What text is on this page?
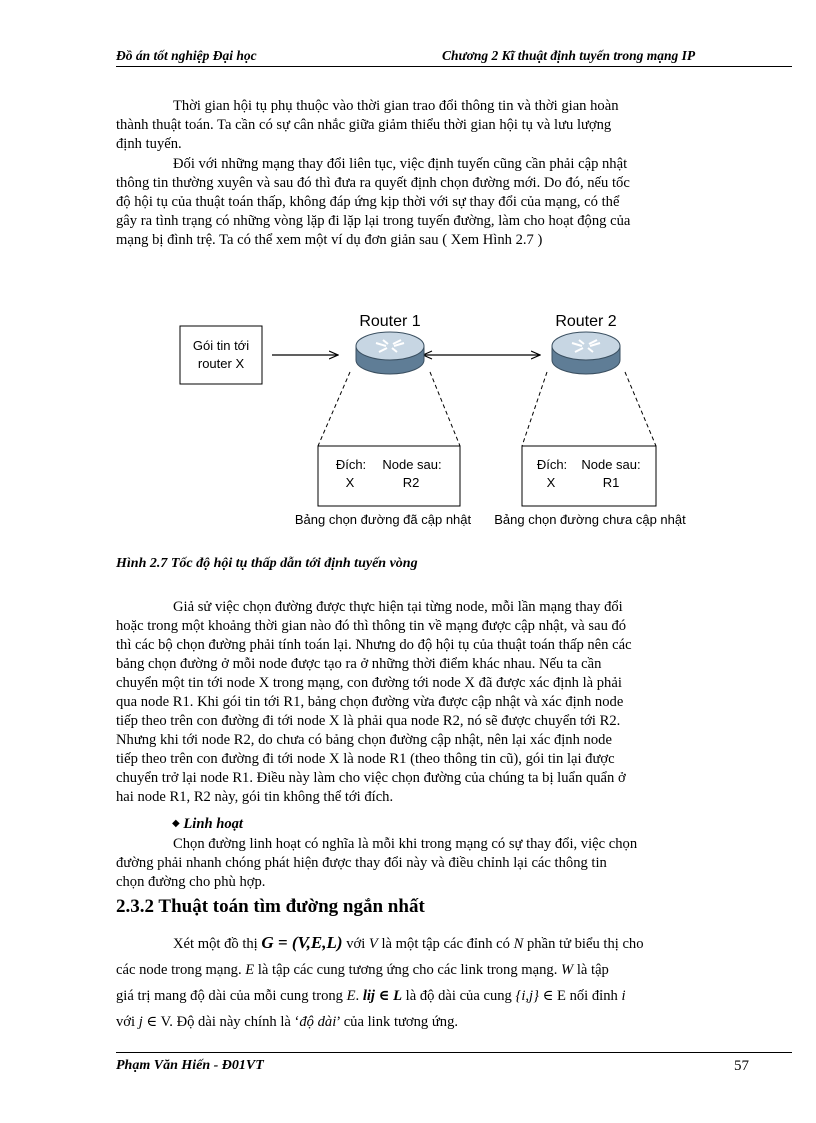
Đồ án tốt nghiệp Đại học	Chương 2 Kĩ thuật định tuyến trong mạng IP
Thời gian hội tụ phụ thuộc vào thời gian trao đổi thông tin và thời gian hoàn
thành thuật toán. Ta cần có sự cân nhắc giữa giảm thiểu thời gian hội tụ và lưu lượng
định tuyến.
Đối với những mạng thay đổi liên tục, việc định tuyến cũng cần phải cập nhật
thông tin thường xuyên và sau đó thì đưa ra quyết định chọn đường mới. Do đó, nếu tốc
độ hội tụ của thuật toán thấp, không đáp ứng kịp thời với sự thay đổi của mạng, có thể
gây ra tình trạng có những vòng lặp đi lặp lại trong tuyến đường, làm cho hoạt động của
mạng bị đình trệ. Ta có thể xem một ví dụ đơn giản sau ( Xem Hình 2.7 )
Gói tin tới
router X
Router 1	Router 2
Đích: Node sau:
X	R2
Bảng chọn đường đã cập nhật
Đích: Node sau:
X	R1
Bảng chọn đường chưa cập nhật
Hình 2.7 Tốc độ hội tụ thấp dẫn tới định tuyến vòng
Giả sử việc chọn đường được thực hiện tại từng node, mỗi lần mạng thay đổi
hoặc trong một khoảng thời gian nào đó thì thông tin về mạng được cập nhật, và sau đó
thì các bộ chọn đường phải tính toán lại. Nhưng do độ hội tụ của thuật toán thấp nên các
bảng chọn đường ở mỗi node được tạo ra ở những thời điểm khác nhau. Nếu ta cần
chuyển một tin tới node X trong mạng, con đường tới node X đã được xác định là phải
qua node R1. Khi gói tin tới R1, bảng chọn đường vừa được cập nhật và xác định node
tiếp theo trên con đường đi tới node X là phải qua node R2, nó sẽ được chuyển tới R2.
Nhưng khi tới node R2, do chưa có bảng chọn đường cập nhật, nên lại xác định node
tiếp theo trên con đường đi tới node X là node R1 (theo thông tin cũ), gói tin lại được
chuyển trở lại node R1. Điều này làm cho việc chọn đường của chúng ta bị luẩn quẩn ở
hai node R1, R2 này, gói tin không thể tới đích.
◆ Linh hoạt
Chọn đường linh hoạt có nghĩa là mỗi khi trong mạng có sự thay đổi, việc chọn
đường phải nhanh chóng phát hiện được thay đổi này và điều chỉnh lại các thông tin
chọn đường cho phù hợp.
2.3.2 Thuật toán tìm đường ngắn nhất
Xét một đồ thị G = (V,E,L) với V là một tập các đỉnh có N phần tử biểu thị cho
các node trong mạng. E là tập các cung tương ứng cho các link trong mạng. W là tập
giá trị mang độ dài của mỗi cung trong E. lij ∈ L là độ dài của cung {i,j} ∈ E nối đỉnh i
với j ∈ V. Độ dài này chính là ‘độ dài’ của link tương ứng.
Phạm Văn Hiến - Đ01VT	57
